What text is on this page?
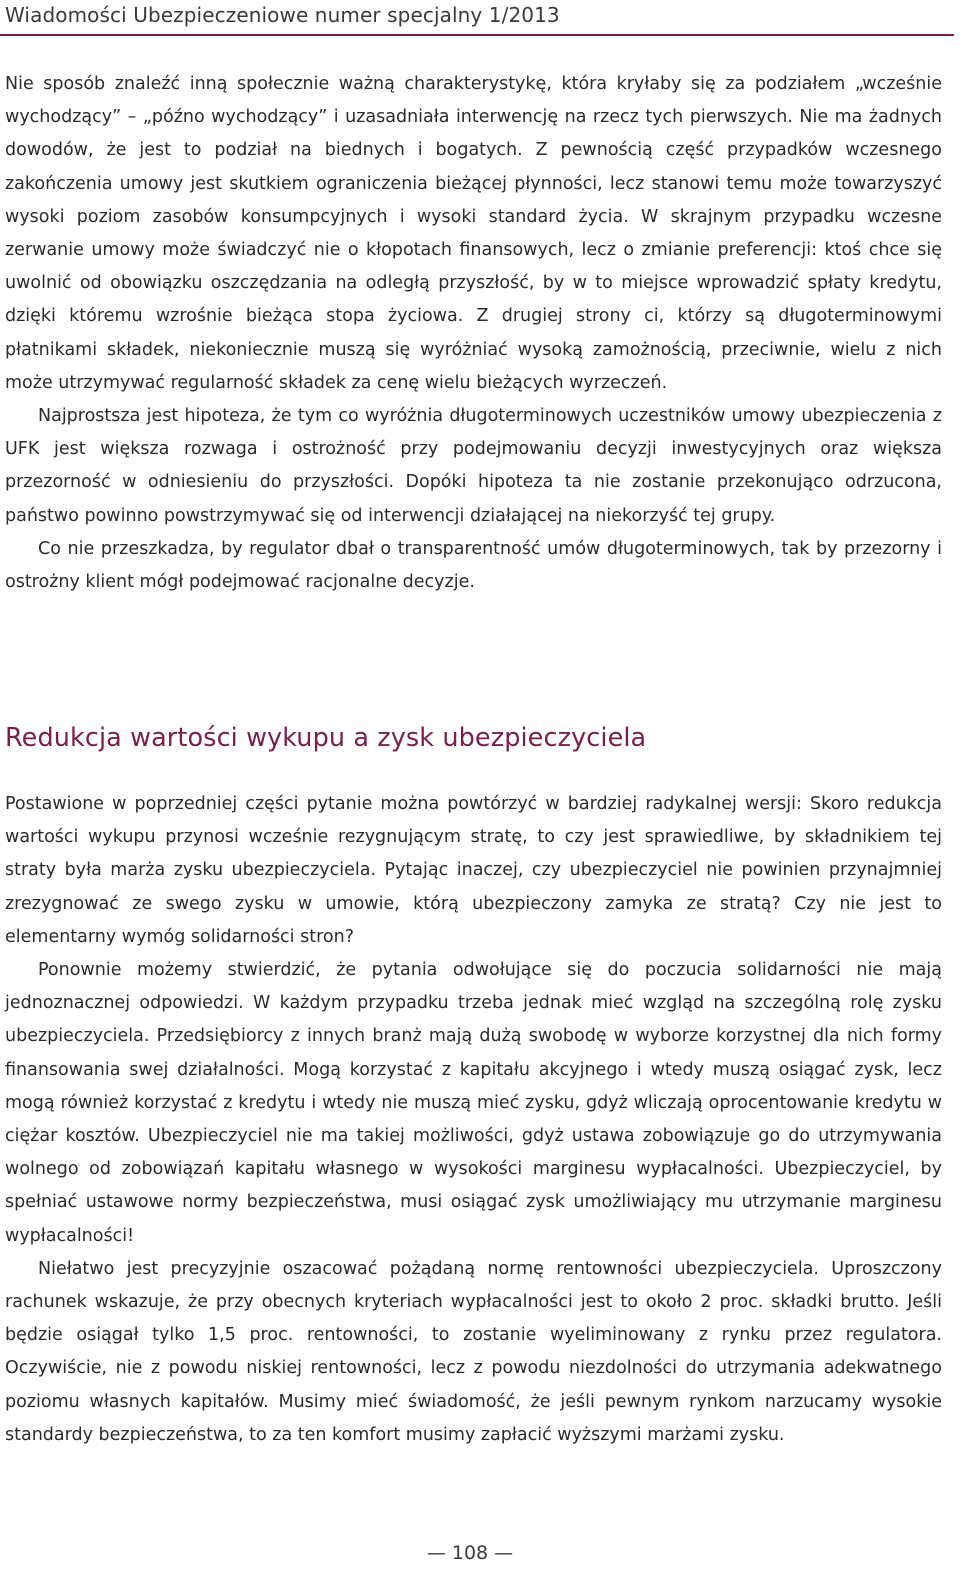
Wiadomości Ubezpieczeniowe numer specjalny 1/2013

Nie sposób znaleźć inną społecznie ważną charakterystykę, która kryłaby się za podziałem „wcześnie wychodzący” – „późno wychodzący” i uzasadniała interwencję na rzecz tych pierwszych. Nie ma żadnych dowodów, że jest to podział na biednych i bogatych. Z pewnością część przypadków wczesnego zakończenia umowy jest skutkiem ograniczenia bieżącej płynności, lecz stanowi temu może towarzyszyć wysoki poziom zasobów konsumpcyjnych i wysoki standard życia. W skrajnym przypadku wczesne zerwanie umowy może świadczyć nie o kłopotach finansowych, lecz o zmianie preferencji: ktoś chce się uwolnić od obowiązku oszczędzania na odległą przyszłość, by w to miejsce wprowadzić spłaty kredytu, dzięki któremu wzrośnie bieżąca stopa życiowa. Z drugiej strony ci, którzy są długoterminowymi płatnikami składek, niekoniecznie muszą się wyróżniać wysoką zamożnością, przeciwnie, wielu z nich może utrzymywać regularność składek za cenę wielu bieżących wyrzeczeń.

Najprostsza jest hipoteza, że tym co wyróżnia długoterminowych uczestników umowy ubezpieczenia z UFK jest większa rozwaga i ostrożność przy podejmowaniu decyzji inwestycyjnych oraz większa przezorność w odniesieniu do przyszłości. Dopóki hipoteza ta nie zostanie przekonująco odrzucona, państwo powinno powstrzymywać się od interwencji działającej na niekorzyść tej grupy.

Co nie przeszkadza, by regulator dbał o transparentność umów długoterminowych, tak by przezorny i ostrożny klient mógł podejmować racjonalne decyzje.

Redukcja wartości wykupu a zysk ubezpieczyciela

Postawione w poprzedniej części pytanie można powtórzyć w bardziej radykalnej wersji: Skoro redukcja wartości wykupu przynosi wcześnie rezygnującym stratę, to czy jest sprawiedliwe, by składnikiem tej straty była marża zysku ubezpieczyciela. Pytając inaczej, czy ubezpieczyciel nie powinien przynajmniej zrezygnować ze swego zysku w umowie, którą ubezpieczony zamyka ze stratą? Czy nie jest to elementarny wymóg solidarności stron?

Ponownie możemy stwierdzić, że pytania odwołujące się do poczucia solidarności nie mają jednoznacznej odpowiedzi. W każdym przypadku trzeba jednak mieć wzgląd na szczególną rolę zysku ubezpieczyciela. Przedsiębiorcy z innych branż mają dużą swobodę w wyborze korzystnej dla nich formy finansowania swej działalności. Mogą korzystać z kapitału akcyjnego i wtedy muszą osiągać zysk, lecz mogą również korzystać z kredytu i wtedy nie muszą mieć zysku, gdyż wliczają oprocentowanie kredytu w ciężar kosztów. Ubezpieczyciel nie ma takiej możliwości, gdyż ustawa zobowiązuje go do utrzymywania wolnego od zobowiązań kapitału własnego w wysokości marginesu wypłacalności. Ubezpieczyciel, by spełniać ustawowe normy bezpieczeństwa, musi osiągać zysk umożliwiający mu utrzymanie marginesu wypłacalności!

Niełatwo jest precyzyjnie oszacować pożądaną normę rentowności ubezpieczyciela. Uproszczony rachunek wskazuje, że przy obecnych kryteriach wypłacalności jest to około 2 proc. składki brutto. Jeśli będzie osiągał tylko 1,5 proc. rentowności, to zostanie wyeliminowany z rynku przez regulatora. Oczywiście, nie z powodu niskiej rentowności, lecz z powodu niezdolności do utrzymania adekwatnego poziomu własnych kapitałów. Musimy mieć świadomość, że jeśli pewnym rynkom narzucamy wysokie standardy bezpieczeństwa, to za ten komfort musimy zapłacić wyższymi marżami zysku.

— 108 —
